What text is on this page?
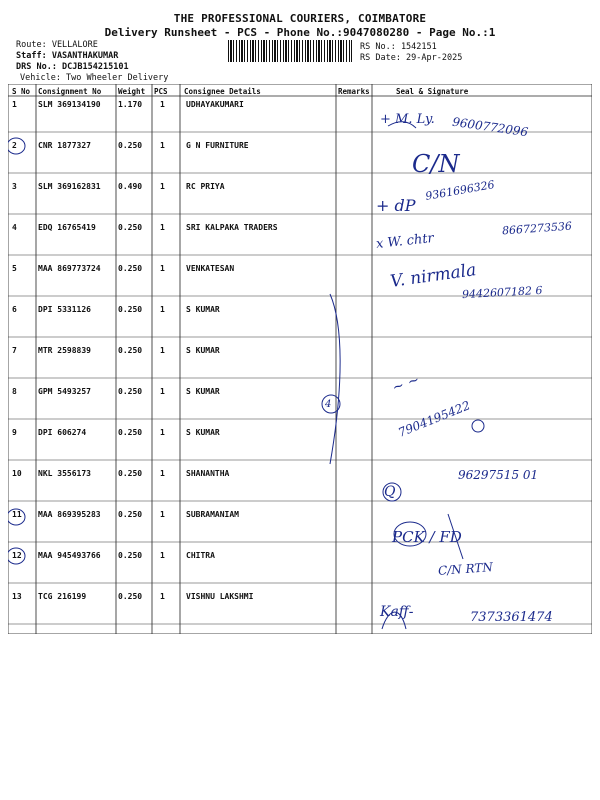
THE PROFESSIONAL COURIERS, COIMBATORE
Delivery Runsheet - PCS - Phone No.:9047080280 - Page No.:1
Route: VELLALORE
Staff: VASANTHAKUMAR
DRS No.: DCJB154215101
Vehicle: Two Wheeler Delivery
RS No.: 1542151
RS Date: 29-Apr-2025
S No Consignment No Weight PCS Consignee Details	Remarks	Seal & Signature
1	SLM 369134190 1.170 1	UDHAYAKUMARI
2	CNR 1877327	0.250 1	G N FURNITURE
3	SLM 369162831 0.490 1	RC PRIYA
4	EDQ 16765419	0.250 1	SRI KALPAKA TRADERS
5	MAA 869773724 0.250 1	VENKATESAN
6	DPI 5331126	0.250 1	S KUMAR
7	MTR 2598839	0.250 1	S KUMAR
8	GPM 5493257	0.250 1	S KUMAR
9	DPI 606274	0.250 1	S KUMAR
10 NKL 3556173	0.250 1	SHANANTHA
11 MAA 869395283 0.250 1	SUBRAMANIAM
12 MAA 945493766 0.250 1	CHITRA
13 TCG 216199	0.250 1	VISHNU LAKSHMI
+ M. Ly. 9600772096
C/N
9361696326
+ dP
x W. chtr
8667273536
V. nirmala
9442607182 6
4
~ ~
7904195422
96297515 01
Q
PCK / FD
C/N RTN
Kaff-	7373361474
